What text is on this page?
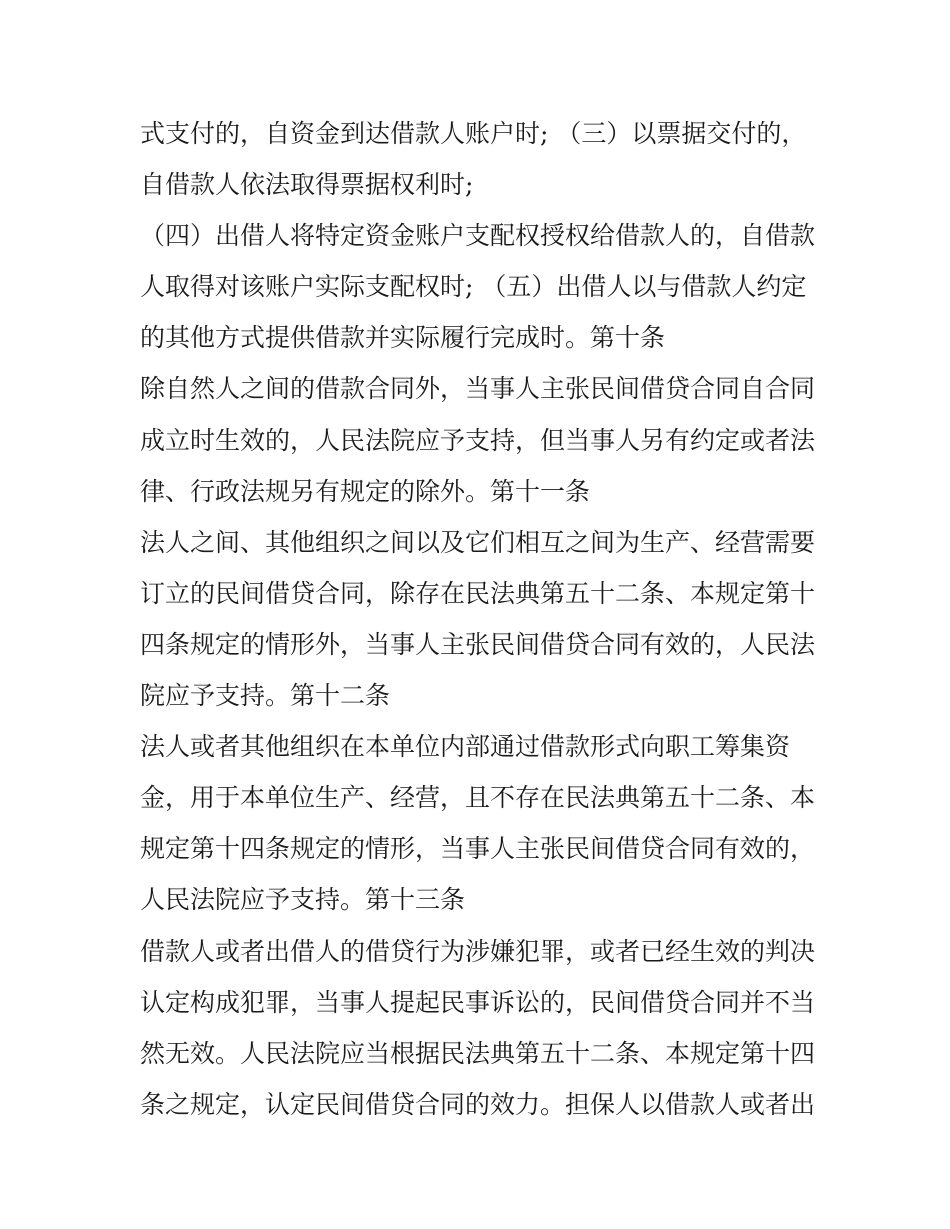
式支付的，自资金到达借款人账户时; （三）以票据交付的，
自借款人依法取得票据权利时;
（四）出借人将特定资金账户支配权授权给借款人的，自借款
人取得对该账户实际支配权时; （五）出借人以与借款人约定
的其他方式提供借款并实际履行完成时。第十条
除自然人之间的借款合同外，当事人主张民间借贷合同自合同
成立时生效的，人民法院应予支持，但当事人另有约定或者法
律、行政法规另有规定的除外。第十一条
法人之间、其他组织之间以及它们相互之间为生产、经营需要
订立的民间借贷合同，除存在民法典第五十二条、本规定第十
四条规定的情形外，当事人主张民间借贷合同有效的，人民法
院应予支持。第十二条
法人或者其他组织在本单位内部通过借款形式向职工筹集资
金，用于本单位生产、经营，且不存在民法典第五十二条、本
规定第十四条规定的情形，当事人主张民间借贷合同有效的，
人民法院应予支持。第十三条
借款人或者出借人的借贷行为涉嫌犯罪，或者已经生效的判决
认定构成犯罪，当事人提起民事诉讼的，民间借贷合同并不当
然无效。人民法院应当根据民法典第五十二条、本规定第十四
条之规定，认定民间借贷合同的效力。担保人以借款人或者出
